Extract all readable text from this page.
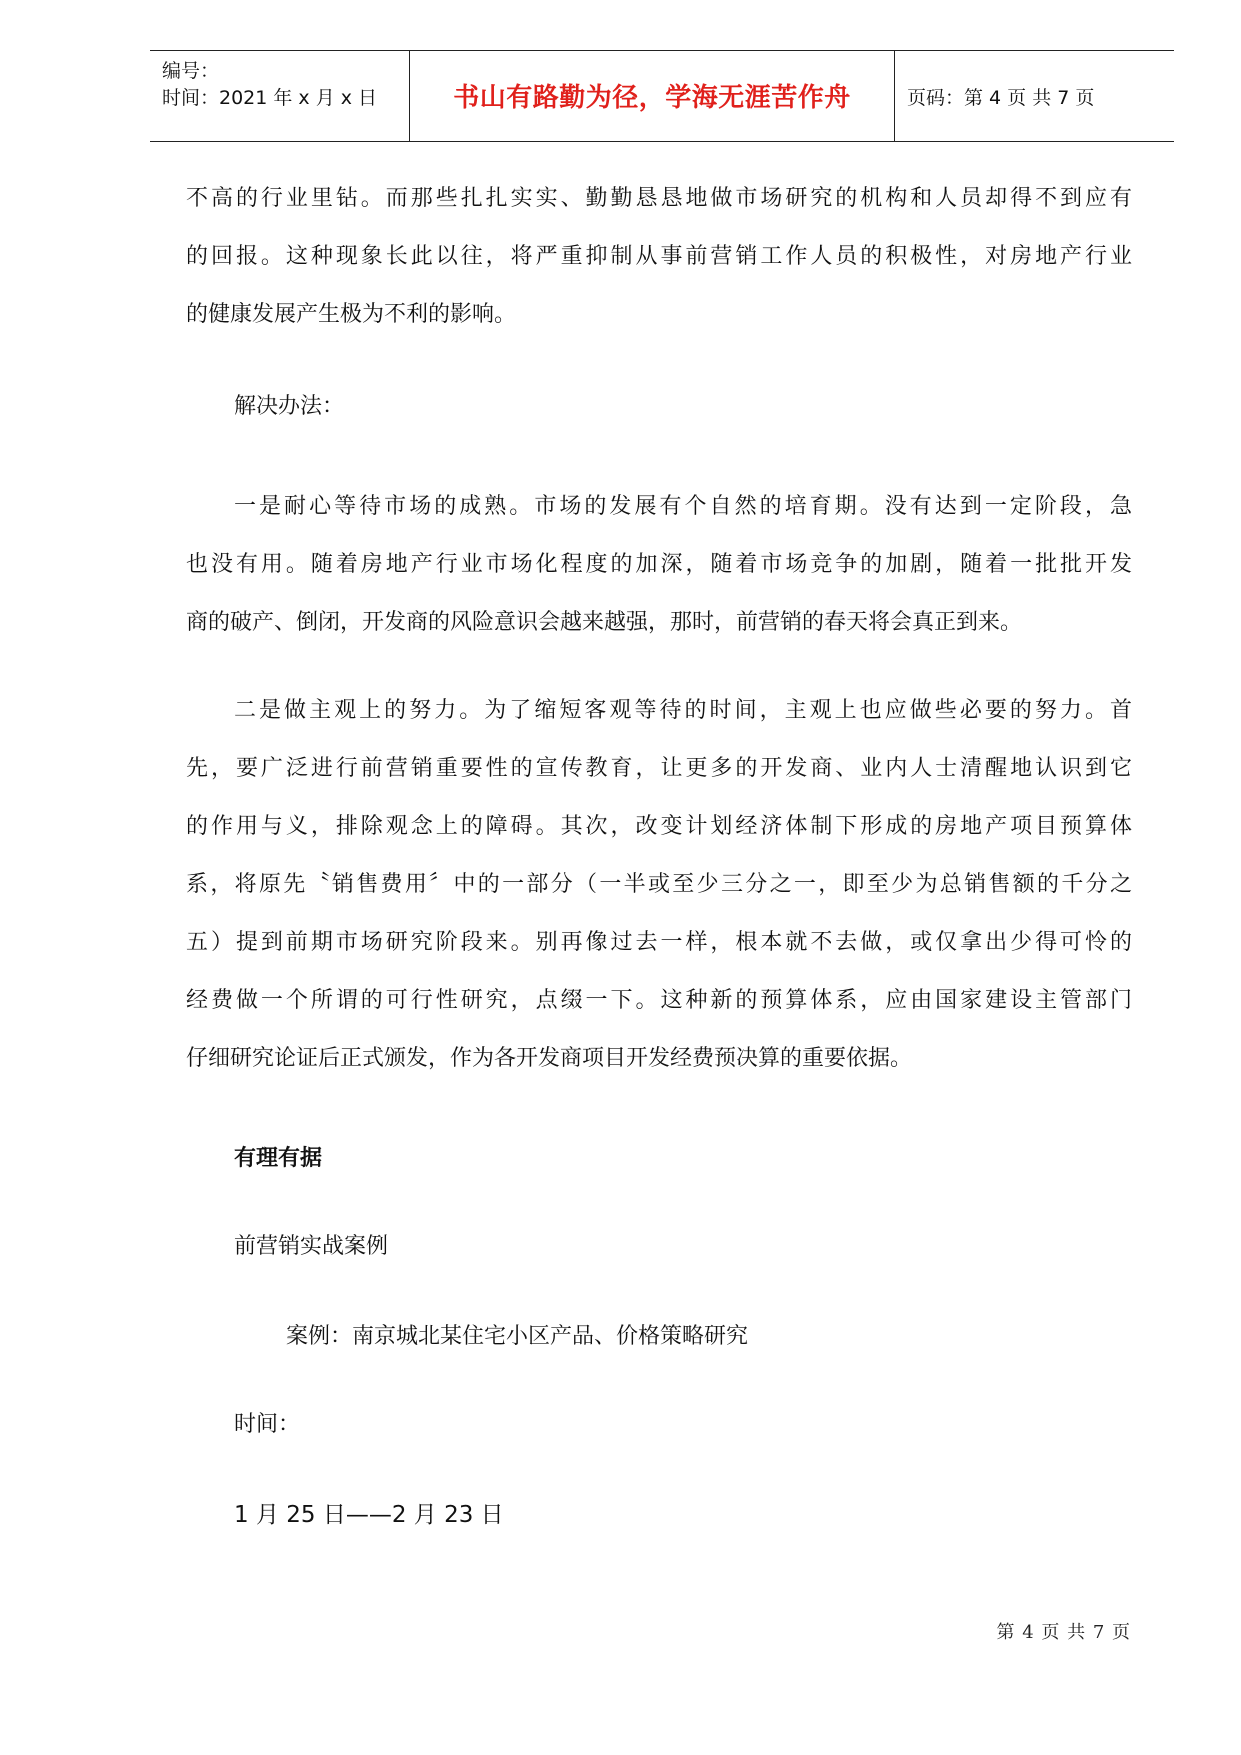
编号：
时间：2021 年 x 月 x 日	书山有路勤为径，学海无涯苦作舟	页码：第 4 页 共 7 页
不高的行业里钻。而那些扎扎实实、勤勤恳恳地做市场研究的机构和人员却得不到应有
的回报。这种现象长此以往，将严重抑制从事前营销工作人员的积极性，对房地产行业
的健康发展产生极为不利的影响。
解决办法：
一是耐心等待市场的成熟。市场的发展有个自然的培育期。没有达到一定阶段，急
也没有用。随着房地产行业市场化程度的加深，随着市场竞争的加剧，随着一批批开发
商的破产、倒闭，开发商的风险意识会越来越强，那时，前营销的春天将会真正到来。
二是做主观上的努力。为了缩短客观等待的时间，主观上也应做些必要的努力。首
先，要广泛进行前营销重要性的宣传教育，让更多的开发商、业内人士清醒地认识到它
的作用与义，排除观念上的障碍。其次，改变计划经济体制下形成的房地产项目预算体
系，将原先〝销售费用〞中的一部分（一半或至少三分之一，即至少为总销售额的千分之
五）提到前期市场研究阶段来。别再像过去一样，根本就不去做，或仅拿出少得可怜的
经费做一个所谓的可行性研究，点缀一下。这种新的预算体系，应由国家建设主管部门
仔细研究论证后正式颁发，作为各开发商项目开发经费预决算的重要依据。
有理有据
前营销实战案例
案例：南京城北某住宅小区产品、价格策略研究
时间：
1 月 25 日——2 月 23 日
第 4 页 共 7 页
